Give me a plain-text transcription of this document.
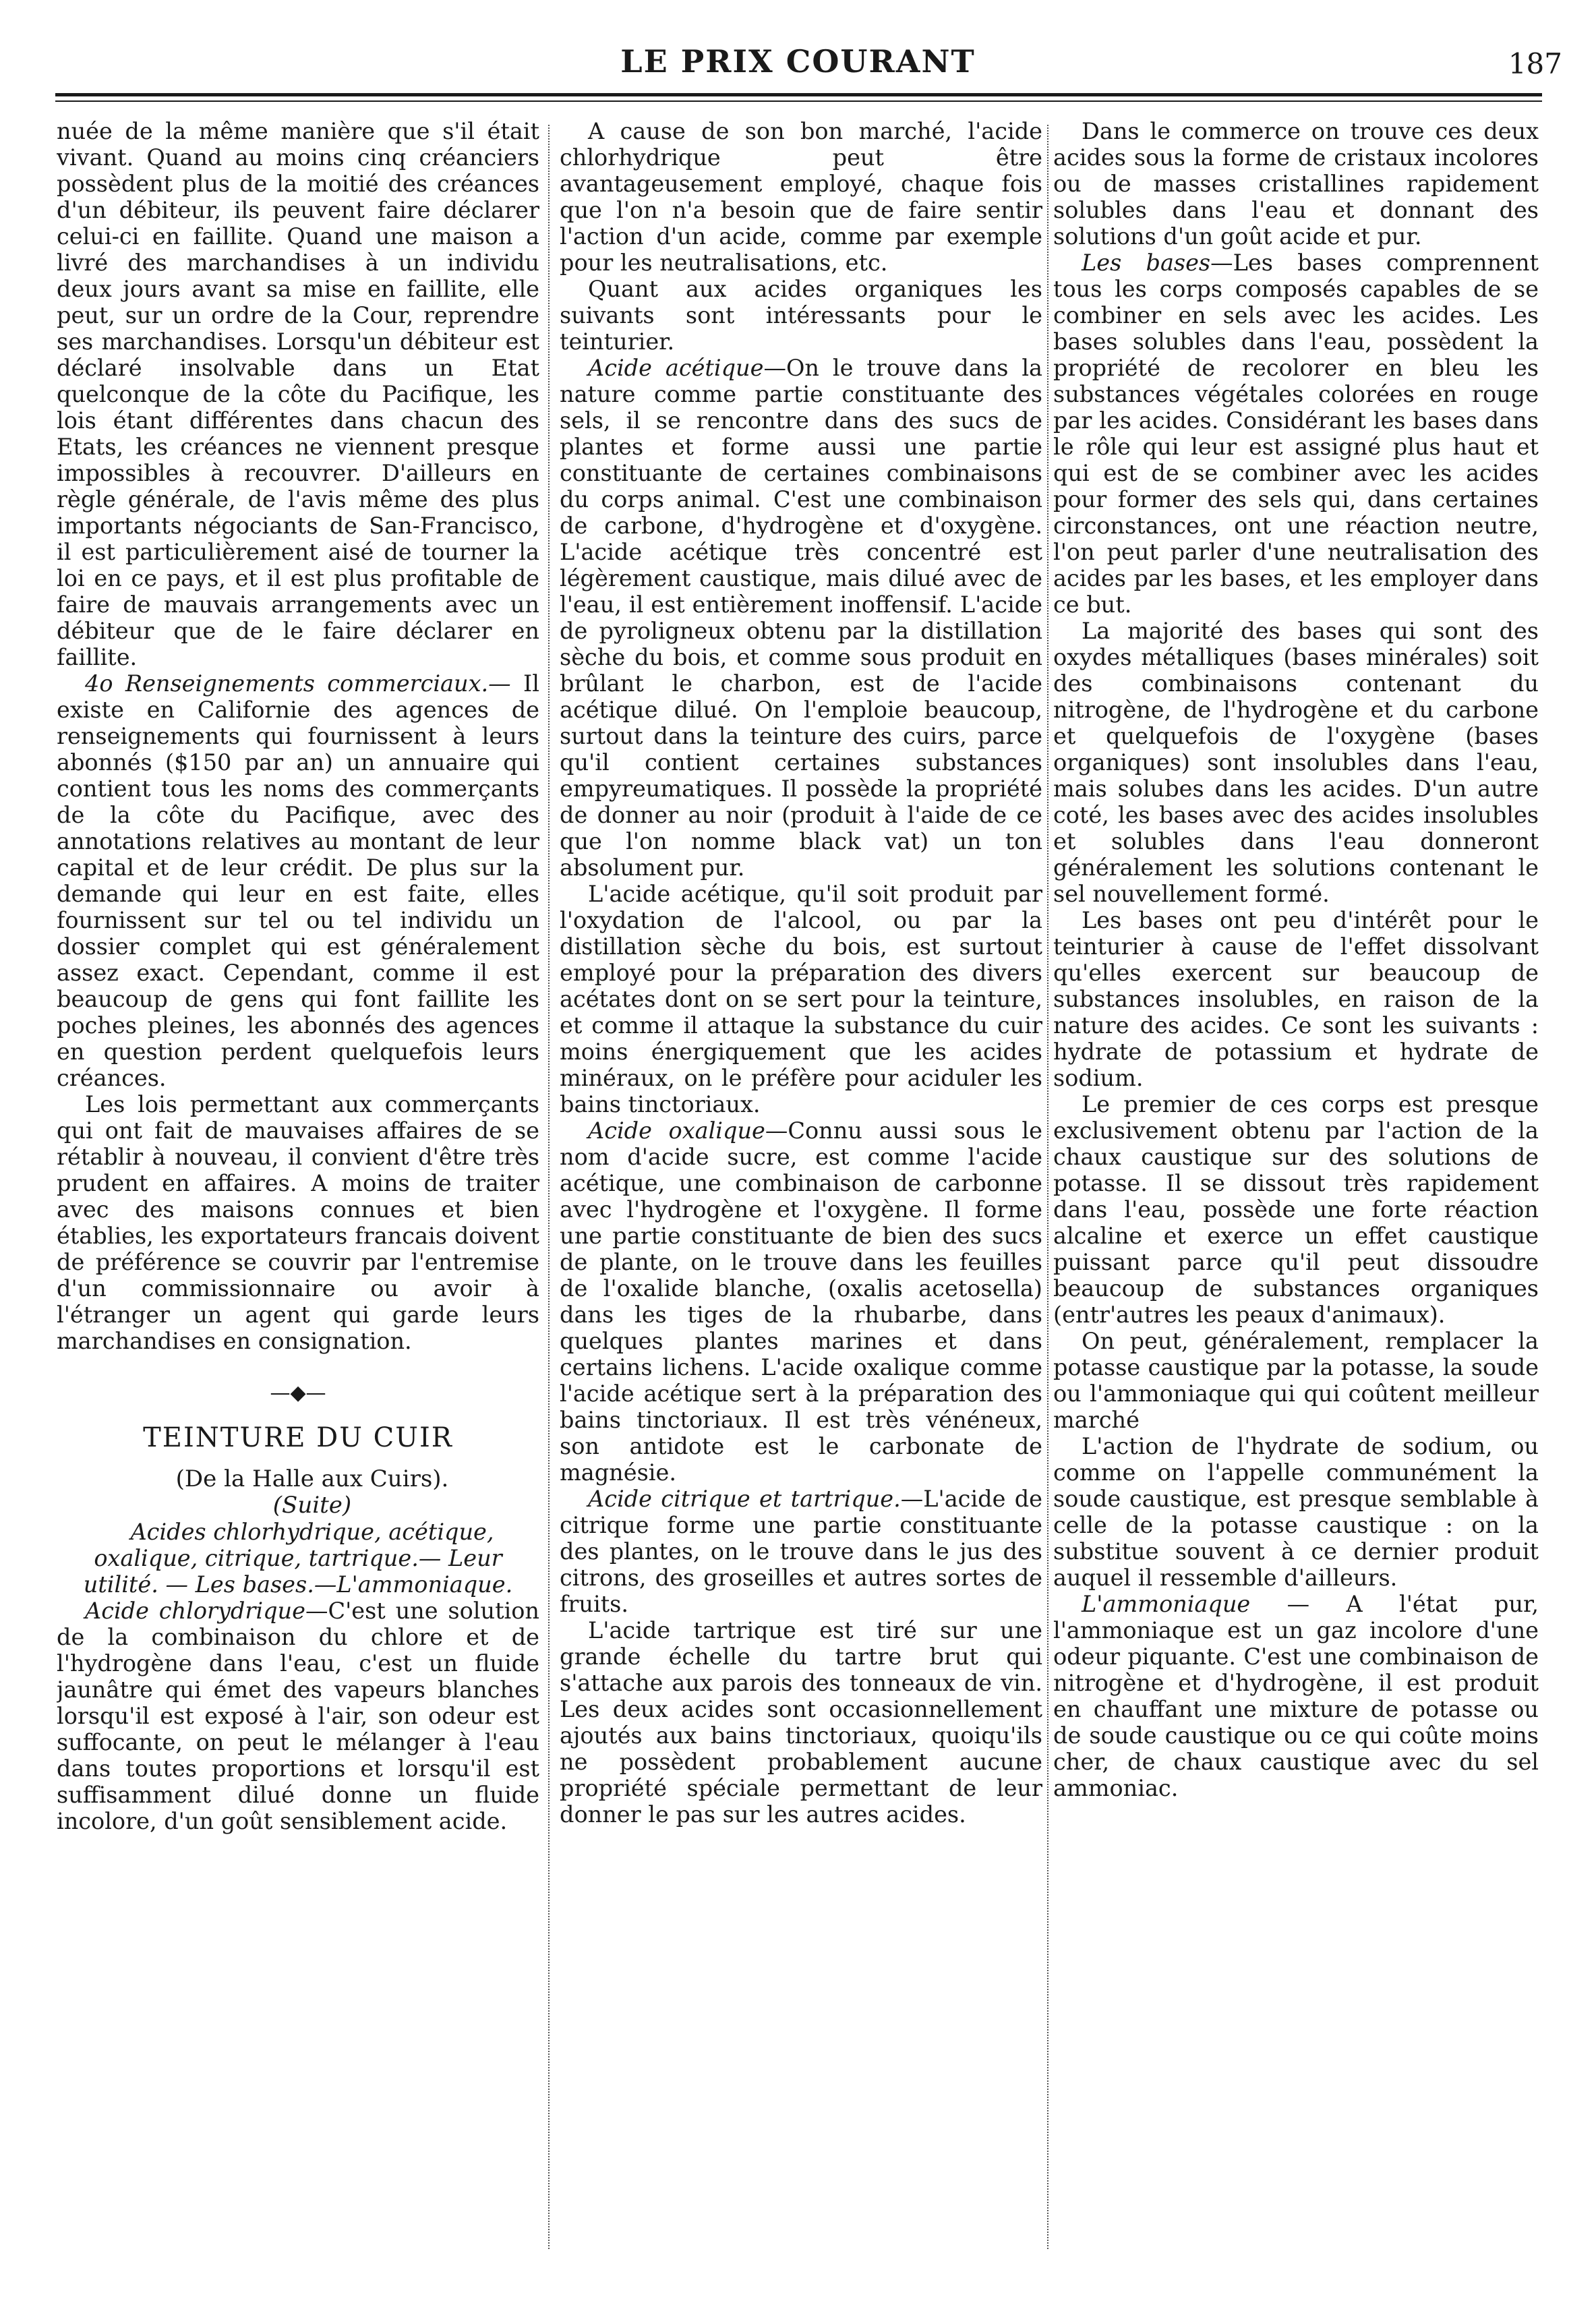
LE PRIX COURANT	187

nuée de la même manière que s'il était vivant. Quand au moins cinq créanciers possèdent plus de la moitié des créances d'un débiteur, ils peuvent faire déclarer celui-ci en faillite. Quand une maison a livré des marchandises à un individu deux jours avant sa mise en faillite, elle peut, sur un ordre de la Cour, reprendre ses marchandises. Lorsqu'un débiteur est déclaré insolvable dans un Etat quelconque de la côte du Pacifique, les lois étant différentes dans chacun des Etats, les créances ne viennent presque impossibles à recouvrer. D'ailleurs en règle générale, de l'avis même des plus importants négociants de San-Francisco, il est particulièrement aisé de tourner la loi en ce pays, et il est plus profitable de faire de mauvais arrangements avec un débiteur que de le faire déclarer en faillite.

4o Renseignements commerciaux.— Il existe en Californie des agences de renseignements qui fournissent à leurs abonnés ($150 par an) un annuaire qui contient tous les noms des commerçants de la côte du Pacifique, avec des annotations relatives au montant de leur capital et de leur crédit. De plus sur la demande qui leur en est faite, elles fournissent sur tel ou tel individu un dossier complet qui est généralement assez exact. Cependant, comme il est beaucoup de gens qui font faillite les poches pleines, les abonnés des agences en question perdent quelquefois leurs créances.

Les lois permettant aux commerçants qui ont fait de mauvaises affaires de se rétablir à nouveau, il convient d'être très prudent en affaires. A moins de traiter avec des maisons connues et bien établies, les exportateurs francais doivent de préférence se couvrir par l'entremise d'un commissionnaire ou avoir à l'étranger un agent qui garde leurs marchandises en consignation.

—◆—
TEINTURE DU CUIR

(De la Halle aux Cuirs).

(Suite)

Acides chlorhydrique, acétique, oxalique, citrique, tartrique.— Leur utilité. — Les bases.—L'ammoniaque.

Acide chlorydrique—C'est une solution de la combinaison du chlore et de l'hydrogène dans l'eau, c'est un fluide jaunâtre qui émet des vapeurs blanches lorsqu'il est exposé à l'air, son odeur est suffocante, on peut le mélanger à l'eau dans toutes proportions et lorsqu'il est suffisamment dilué donne un fluide incolore, d'un goût sensiblement acide.

A cause de son bon marché, l'acide chlorhydrique peut être avantageusement employé, chaque fois que l'on n'a besoin que de faire sentir l'action d'un acide, comme par exemple pour les neutralisations, etc.

Quant aux acides organiques les suivants sont intéressants pour le teinturier.

Acide acétique—On le trouve dans la nature comme partie constituante des sels, il se rencontre dans des sucs de plantes et forme aussi une partie constituante de certaines combinaisons du corps animal. C'est une combinaison de carbone, d'hydrogène et d'oxygène. L'acide acétique très concentré est légèrement caustique, mais dilué avec de l'eau, il est entièrement inoffensif. L'acide de pyroligneux obtenu par la distillation sèche du bois, et comme sous produit en brûlant le charbon, est de l'acide acétique dilué. On l'emploie beaucoup, surtout dans la teinture des cuirs, parce qu'il contient certaines substances empyreumatiques. Il possède la propriété de donner au noir (produit à l'aide de ce que l'on nomme black vat) un ton absolument pur.

L'acide acétique, qu'il soit produit par l'oxydation de l'alcool, ou par la distillation sèche du bois, est surtout employé pour la préparation des divers acétates dont on se sert pour la teinture, et comme il attaque la substance du cuir moins énergiquement que les acides minéraux, on le préfère pour aciduler les bains tinctoriaux.

Acide oxalique—Connu aussi sous le nom d'acide sucre, est comme l'acide acétique, une combinaison de carbonne avec l'hydrogène et l'oxygène. Il forme une partie constituante de bien des sucs de plante, on le trouve dans les feuilles de l'oxalide blanche, (oxalis acetosella) dans les tiges de la rhubarbe, dans quelques plantes marines et dans certains lichens. L'acide oxalique comme l'acide acétique sert à la préparation des bains tinctoriaux. Il est très vénéneux, son antidote est le carbonate de magnésie.

Acide citrique et tartrique.—L'acide de citrique forme une partie constituante des plantes, on le trouve dans le jus des citrons, des groseilles et autres sortes de fruits.

L'acide tartrique est tiré sur une grande échelle du tartre brut qui s'attache aux parois des tonneaux de vin. Les deux acides sont occasionnellement ajoutés aux bains tinctoriaux, quoiqu'ils ne possèdent probablement aucune propriété spéciale permettant de leur donner le pas sur les autres acides.

Dans le commerce on trouve ces deux acides sous la forme de cristaux incolores ou de masses cristallines rapidement solubles dans l'eau et donnant des solutions d'un goût acide et pur.

Les bases—Les bases comprennent tous les corps composés capables de se combiner en sels avec les acides. Les bases solubles dans l'eau, possèdent la propriété de recolorer en bleu les substances végétales colorées en rouge par les acides. Considérant les bases dans le rôle qui leur est assigné plus haut et qui est de se combiner avec les acides pour former des sels qui, dans certaines circonstances, ont une réaction neutre, l'on peut parler d'une neutralisation des acides par les bases, et les employer dans ce but.

La majorité des bases qui sont des oxydes métalliques (bases minérales) soit des combinaisons contenant du nitrogène, de l'hydrogène et du carbone et quelquefois de l'oxygène (bases organiques) sont insolubles dans l'eau, mais solubes dans les acides. D'un autre coté, les bases avec des acides insolubles et solubles dans l'eau donneront généralement les solutions contenant le sel nouvellement formé.

Les bases ont peu d'intérêt pour le teinturier à cause de l'effet dissolvant qu'elles exercent sur beaucoup de substances insolubles, en raison de la nature des acides. Ce sont les suivants : hydrate de potassium et hydrate de sodium.

Le premier de ces corps est presque exclusivement obtenu par l'action de la chaux caustique sur des solutions de potasse. Il se dissout très rapidement dans l'eau, possède une forte réaction alcaline et exerce un effet caustique puissant parce qu'il peut dissoudre beaucoup de substances organiques (entr'autres les peaux d'animaux).

On peut, généralement, remplacer la potasse caustique par la potasse, la soude ou l'ammoniaque qui qui coûtent meilleur marché

L'action de l'hydrate de sodium, ou comme on l'appelle communément la soude caustique, est presque semblable à celle de la potasse caustique : on la substitue souvent à ce dernier produit auquel il ressemble d'ailleurs.

L'ammoniaque — A l'état pur, l'ammoniaque est un gaz incolore d'une odeur piquante. C'est une combinaison de nitrogène et d'hydrogène, il est produit en chauffant une mixture de potasse ou de soude caustique ou ce qui coûte moins cher, de chaux caustique avec du sel ammoniac.
